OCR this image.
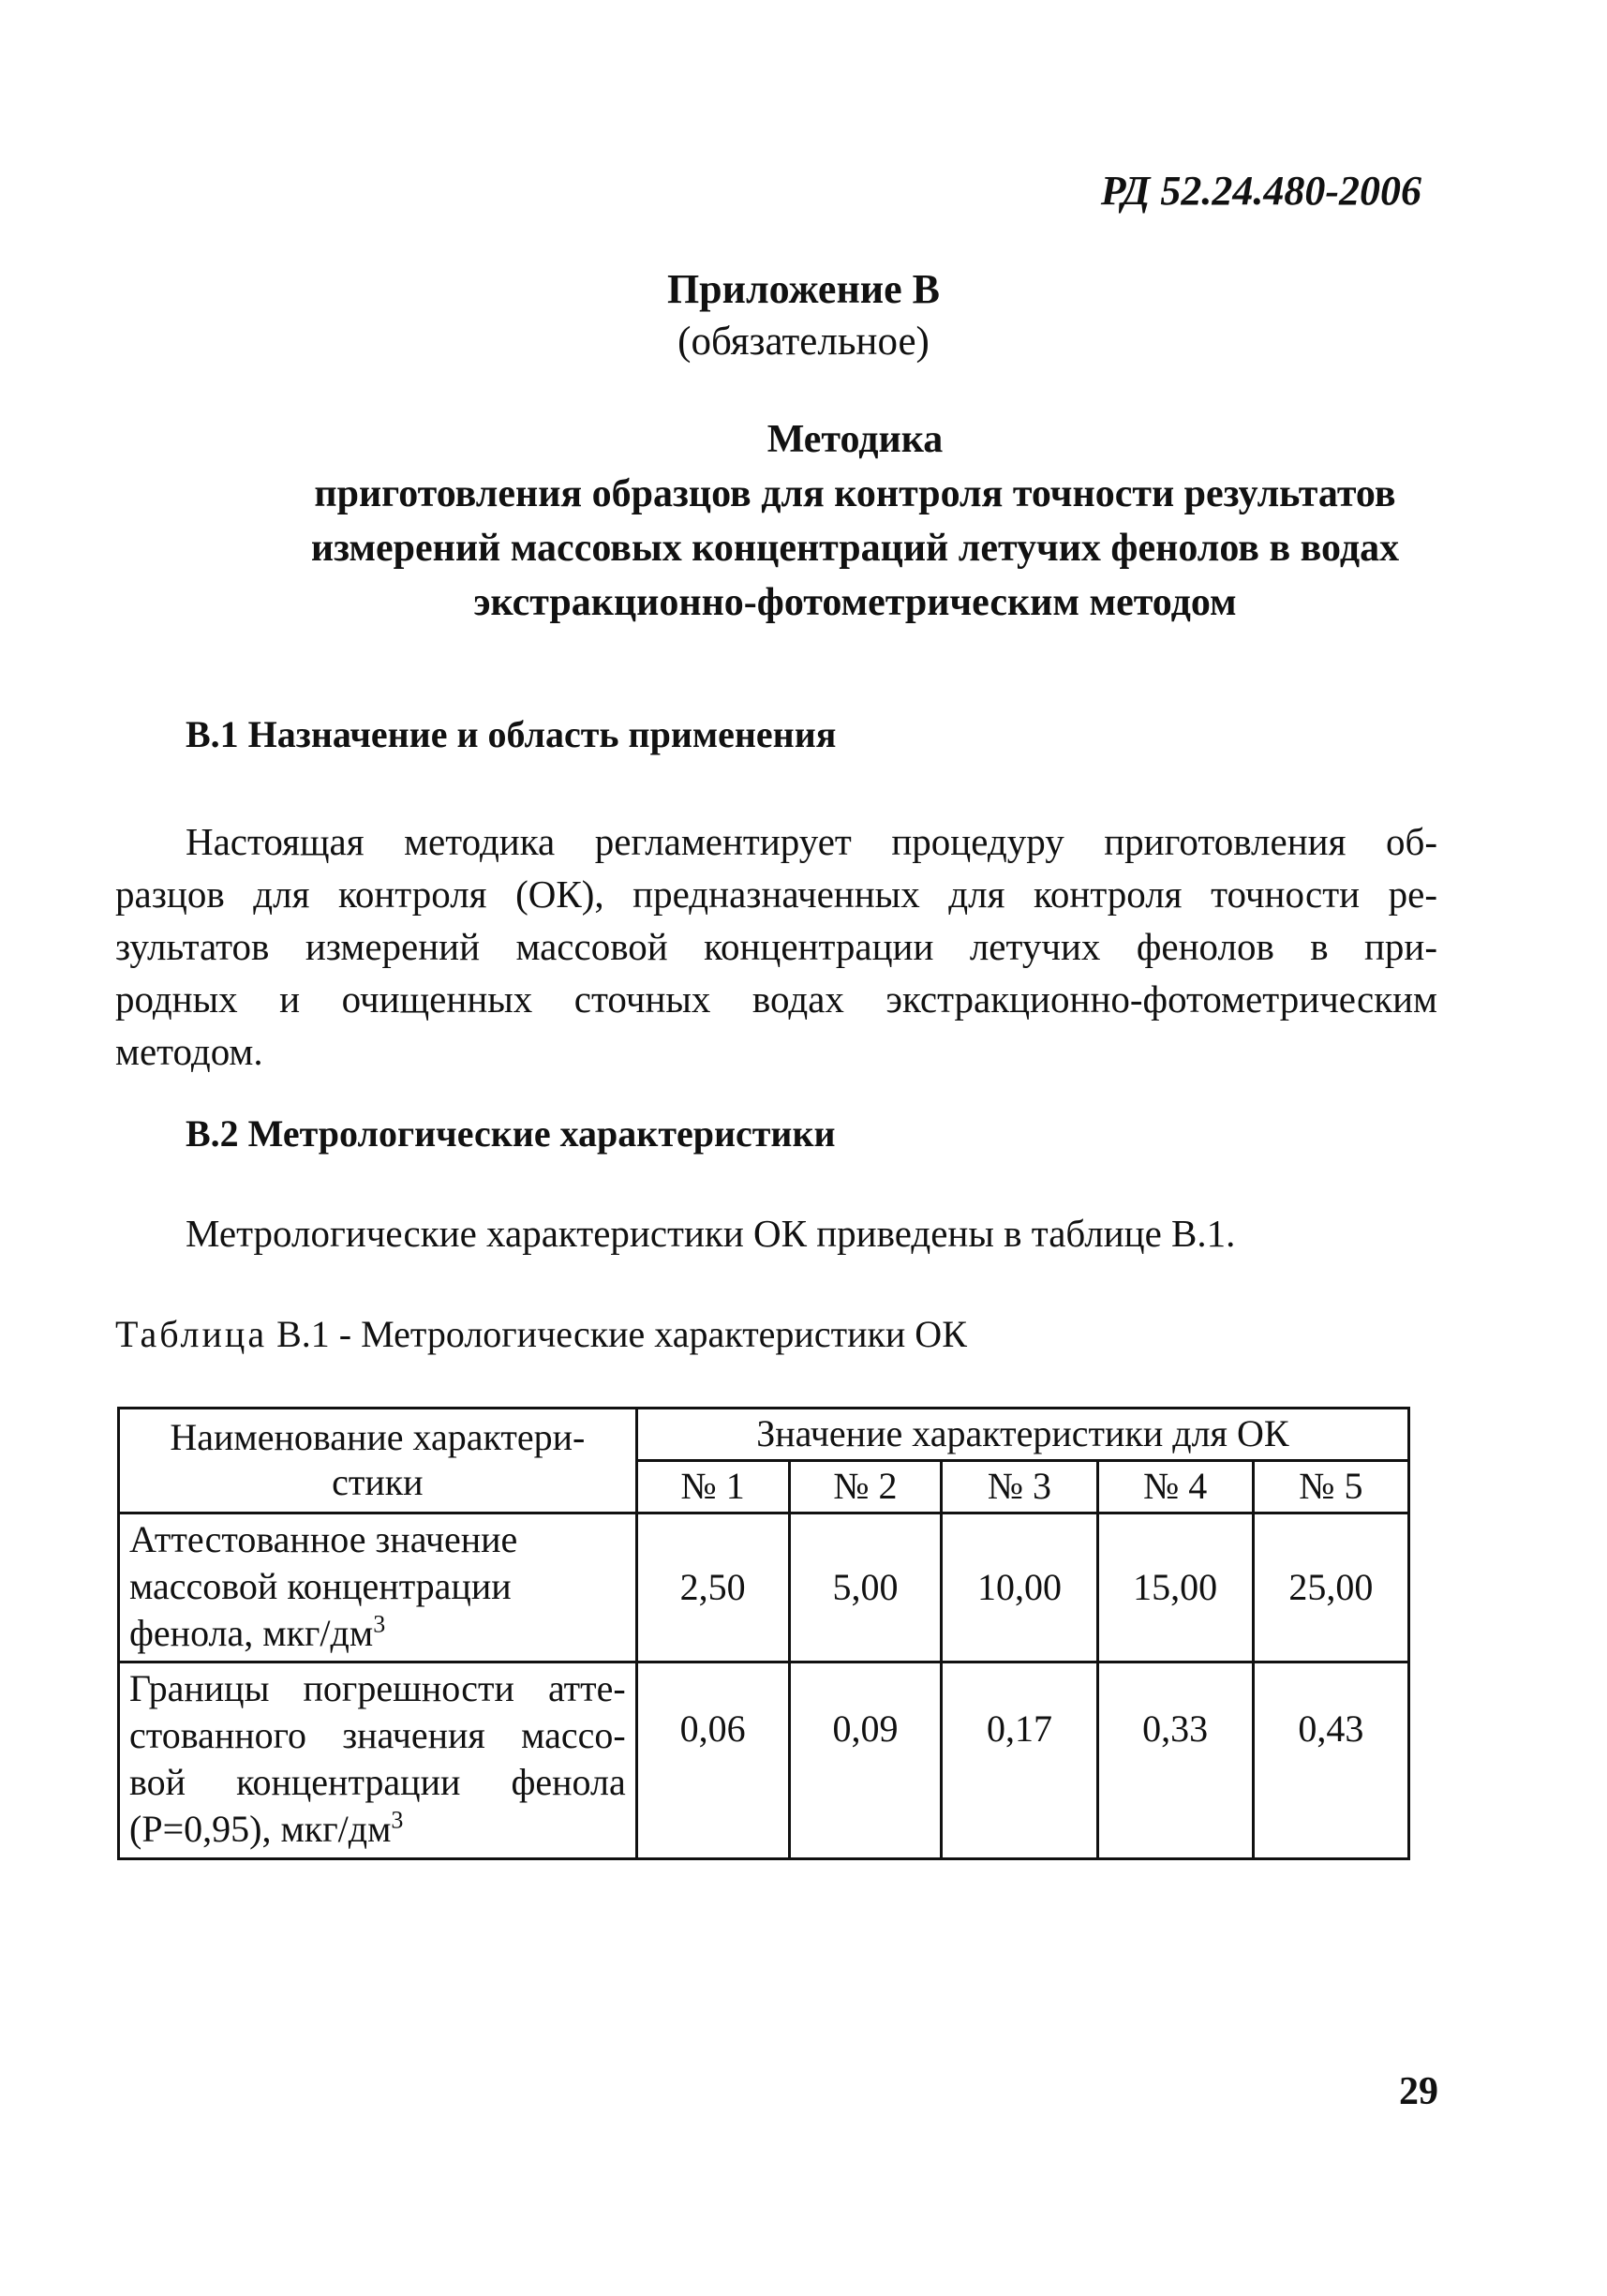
РД 52.24.480-2006
Приложение В
(обязательное)
Методика
приготовления образцов для контроля точности результатов
измерений массовых концентраций летучих фенолов в водах
экстракционно-фотометрическим методом
В.1 Назначение и область применения
Настоящая методика регламентирует процедуру приготовления об-
разцов для контроля (ОК), предназначенных для контроля точности ре-
зультатов измерений массовой концентрации летучих фенолов в при-
родных и очищенных сточных водах экстракционно-фотометрическим
методом.
В.2 Метрологические характеристики
Метрологические характеристики ОК приведены в таблице В.1.
Таблица В.1 - Метрологические характеристики ОК
Наименование характери-
стики	Значение характеристики для ОК				
	№ 1	№ 2	№ 3	№ 4	№ 5

Аттестованное значение
массовой концентрации
фенола, мкг/$дм^3$	2,50	5,00	10,00	15,00	25,00

Границы погрешности атте-
стованного значения массо-
вой концентрации фенола
(Р=0,95), мкг/$дм^3$	0,06	0,09	0,17	0,33	0,43
29
